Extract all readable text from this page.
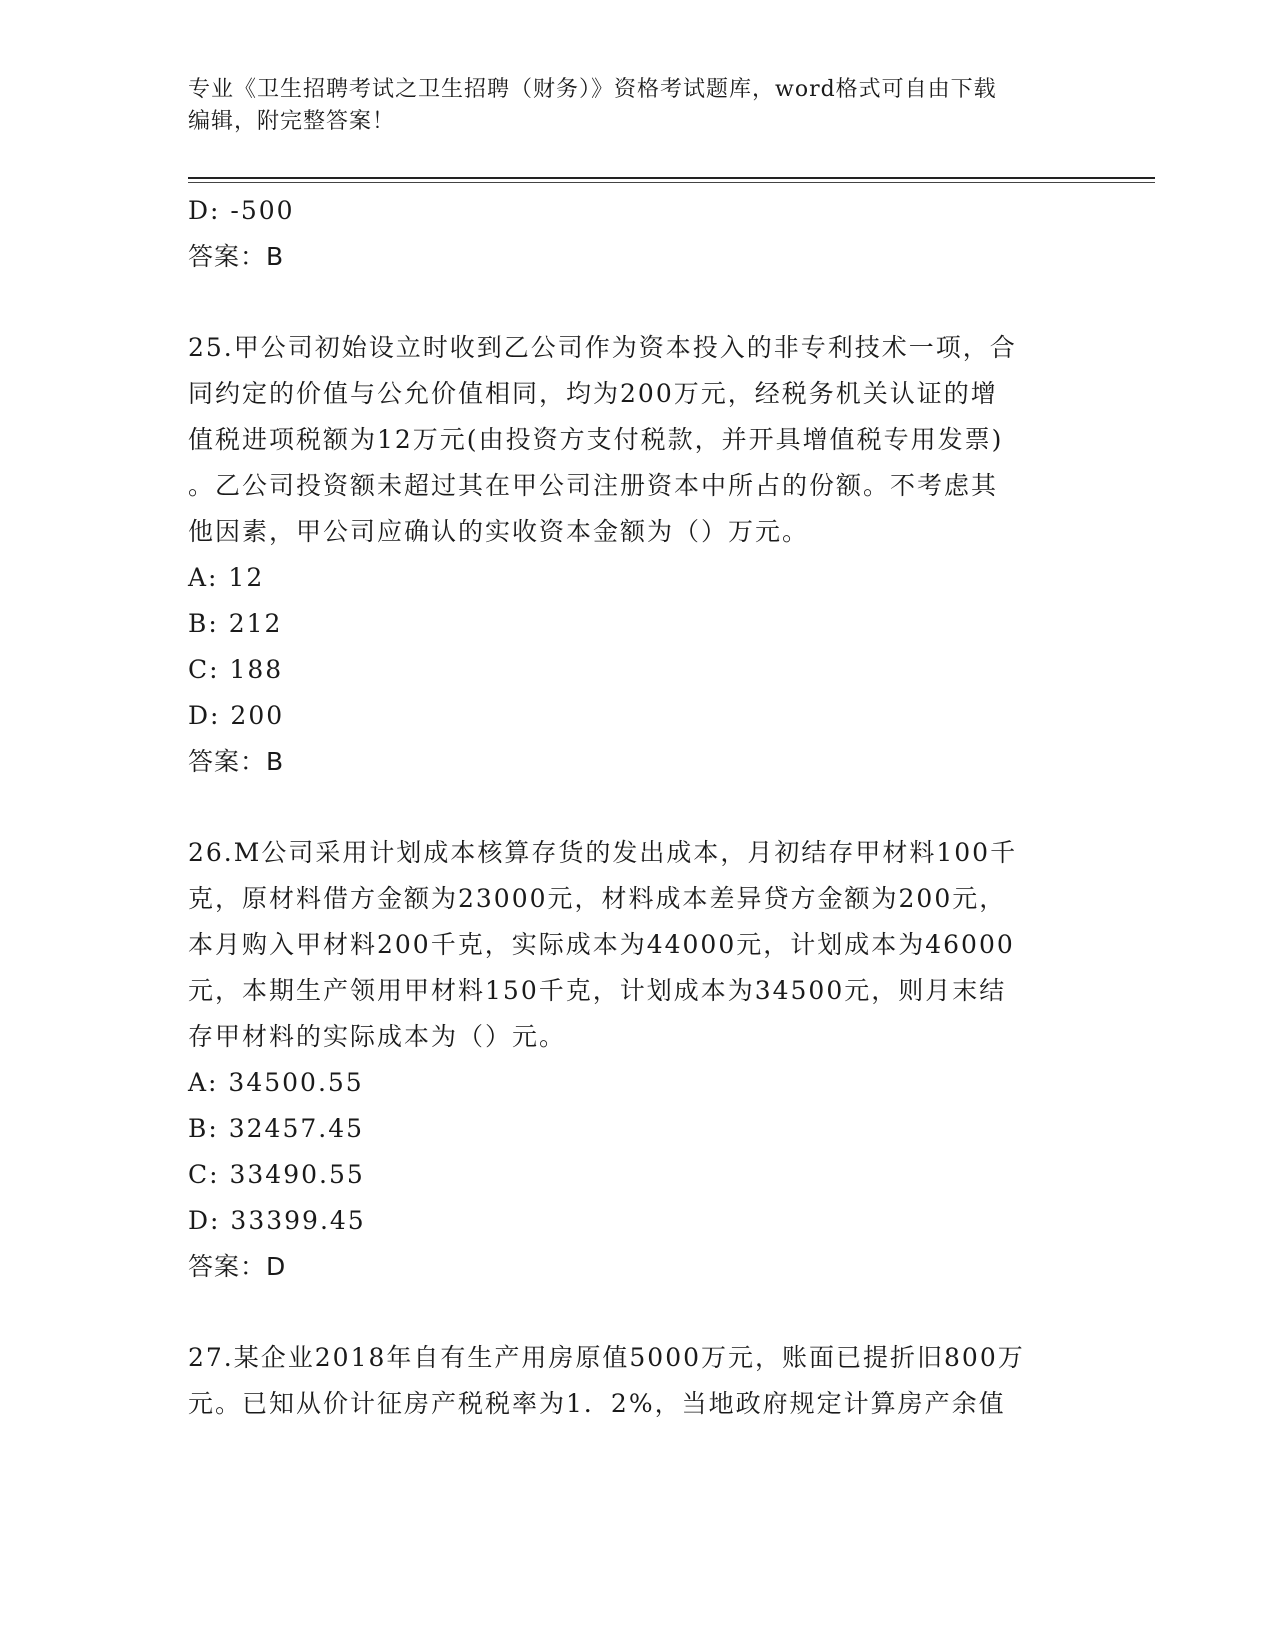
专业《卫生招聘考试之卫生招聘（财务）》资格考试题库，word格式可自由下载
编辑，附完整答案！
D: -500
答案：B
25.甲公司初始设立时收到乙公司作为资本投入的非专利技术一项，合
同约定的价值与公允价值相同，均为200万元，经税务机关认证的增
值税进项税额为12万元(由投资方支付税款，并开具增值税专用发票)
。乙公司投资额未超过其在甲公司注册资本中所占的份额。不考虑其
他因素，甲公司应确认的实收资本金额为（）万元。
A: 12
B: 212
C: 188
D: 200
答案：B
26.M公司采用计划成本核算存货的发出成本，月初结存甲材料100千
克，原材料借方金额为23000元，材料成本差异贷方金额为200元，
本月购入甲材料200千克，实际成本为44000元，计划成本为46000
元，本期生产领用甲材料150千克，计划成本为34500元，则月末结
存甲材料的实际成本为（）元。
A: 34500.55
B: 32457.45
C: 33490.55
D: 33399.45
答案：D
27.某企业2018年自有生产用房原值5000万元，账面已提折旧800万
元。已知从价计征房产税税率为1．2%，当地政府规定计算房产余值
